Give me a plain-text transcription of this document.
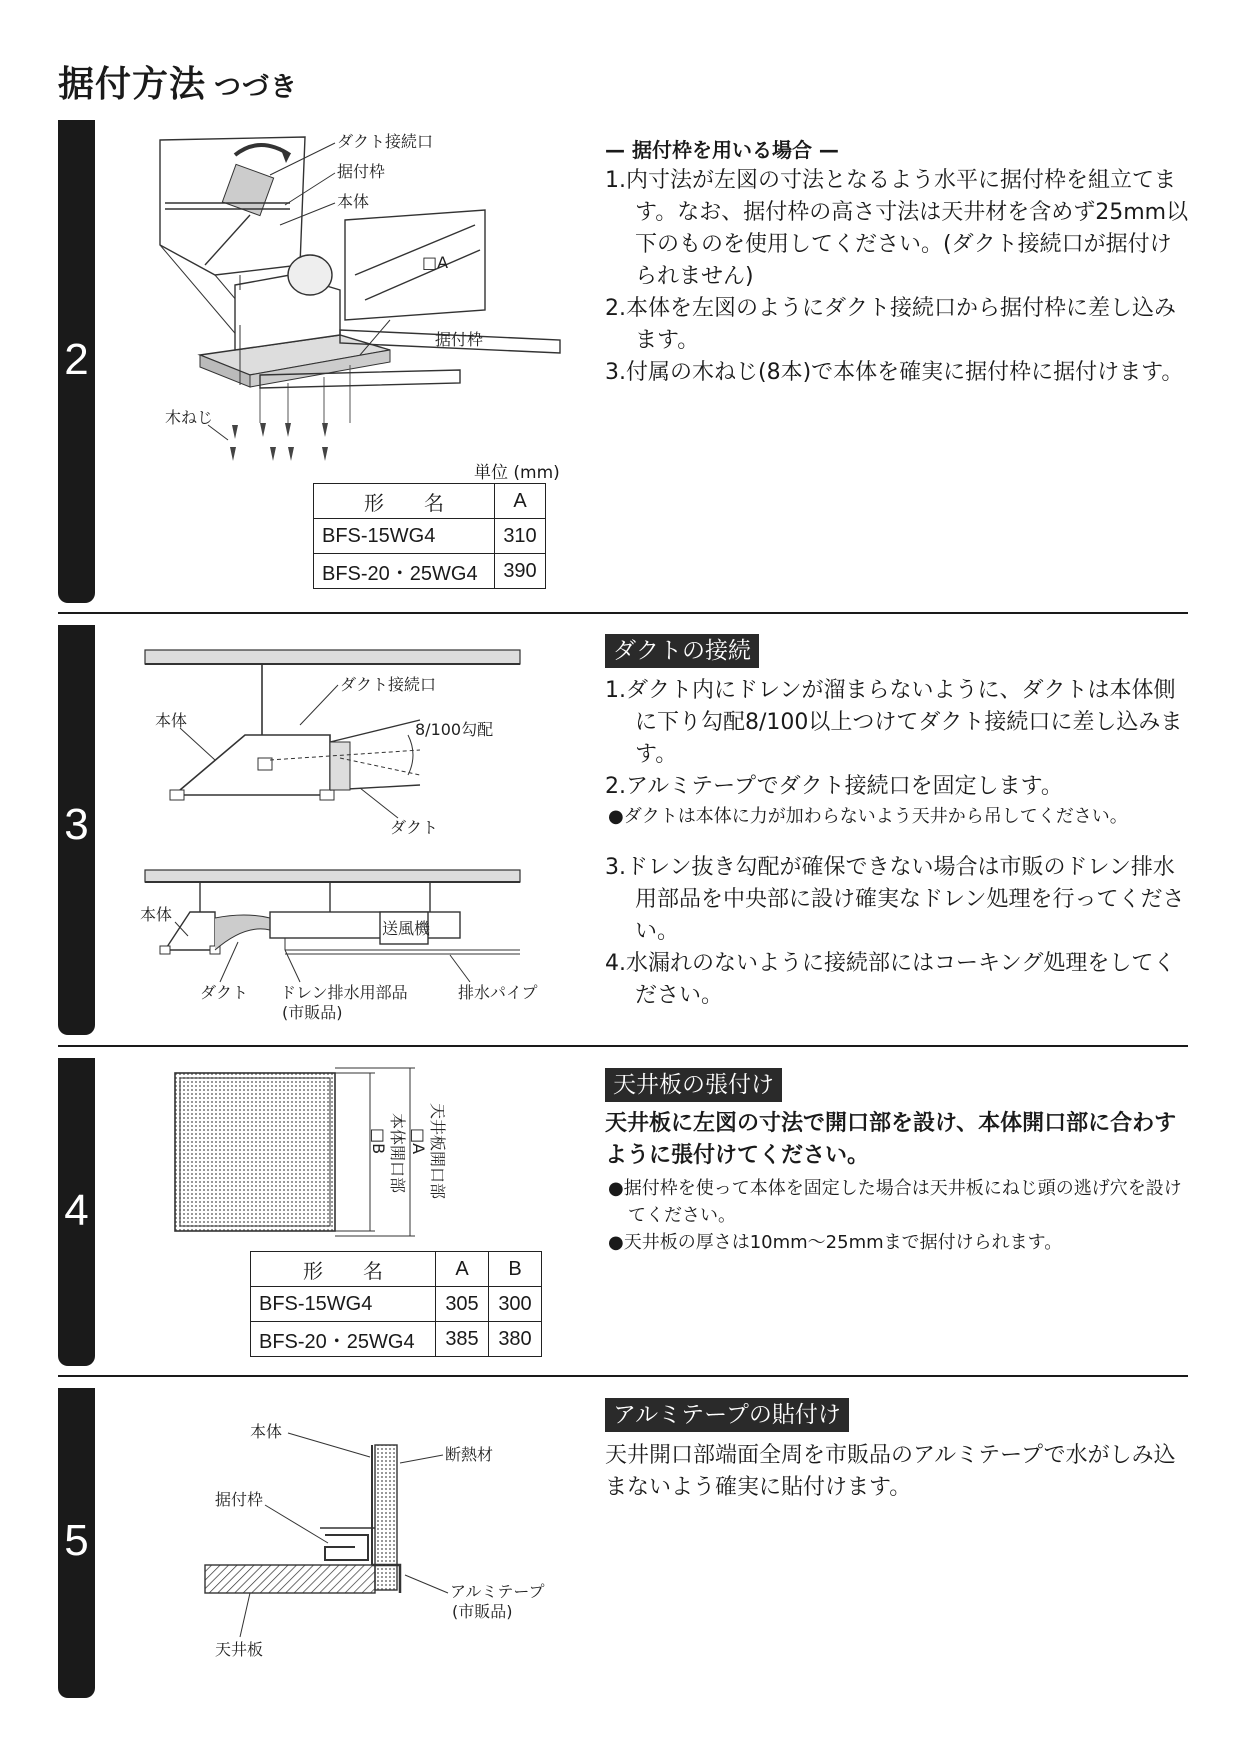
据付方法 つづき
2
3
4
5
ダクト接続口
据付枠
本体
□A
据付枠
木ねじ
単位 (mm)
形　　名	A
BFS-15WG4	310
BFS-20・25WG4	390
— 据付枠を用いる場合 —
1.内寸法が左図の寸法となるよう水平に据付枠を組立てます。なお、据付枠の高さ寸法は天井材を含めず25mm以下のものを使用してください。(ダクト接続口が据付けられません)
2.本体を左図のようにダクト接続口から据付枠に差し込みます。
3.付属の木ねじ(8本)で本体を確実に据付枠に据付けます。
ダクト接続口
本体	8/100勾配
ダクト
送風機
本体
ダクト ドレン排水用部品
(市販品)
排水パイプ
ダクトの接続
1.ダクト内にドレンが溜まらないように、ダクトは本体側に下り勾配8/100以上つけてダクト接続口に差し込みます。
2.アルミテープでダクト接続口を固定します。
●ダクトは本体に力が加わらないよう天井から吊してください。
3.ドレン抜き勾配が確保できない場合は市販のドレン排水用部品を中央部に設け確実なドレン処理を行ってください。
4.水漏れのないように接続部にはコーキング処理をしてください。
本体開口部
□B	天井板開口部
□A
形　　名	A	B
BFS-15WG4	305	300
BFS-20・25WG4	385	380
天井板の張付け
天井板に左図の寸法で開口部を設け、本体開口部に合わすように張付けてください。
●据付枠を使って本体を固定した場合は天井板にねじ頭の逃げ穴を設けてください。
●天井板の厚さは10mm〜25mmまで据付けられます。
本体
断熱材
据付枠
アルミテープ
(市販品)
天井板
アルミテープの貼付け
天井開口部端面全周を市販品のアルミテープで水がしみ込まないよう確実に貼付けます。
